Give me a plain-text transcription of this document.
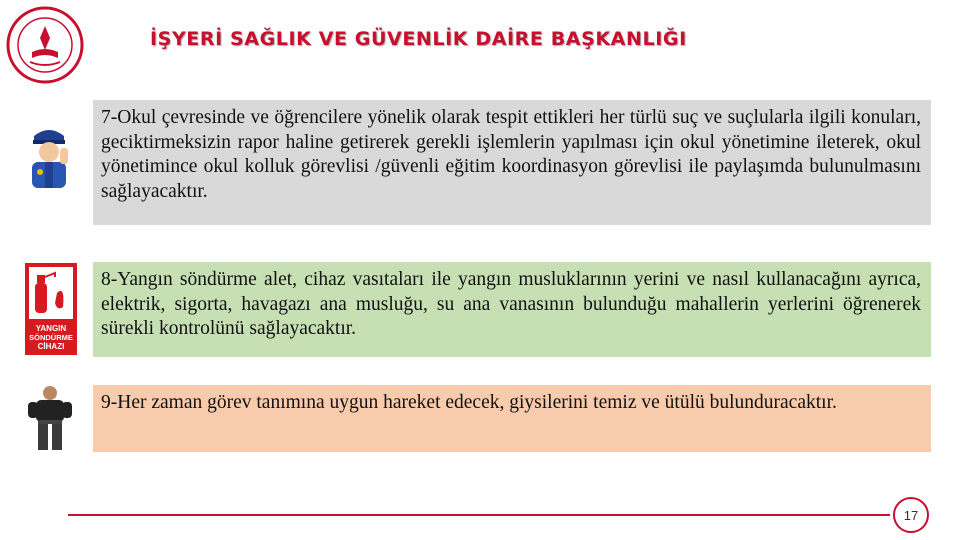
İŞYERİ SAĞLIK VE GÜVENLİK DAİRE BAŞKANLIĞI
7-Okul çevresinde ve öğrencilere yönelik olarak tespit ettikleri her türlü suç ve suçlularla ilgili konuları, geciktirmeksizin rapor haline getirerek gerekli işlemlerin yapılması için okul yönetimine ileterek, okul yönetimince okul kolluk görevlisi /güvenli eğitim koordinasyon görevlisi ile paylaşımda bulunulmasını sağlayacaktır.
YANGIN
SÖNDÜRME
CİHAZI
8-Yangın söndürme alet, cihaz vasıtaları ile yangın musluklarının yerini ve nasıl kullanacağını ayrıca, elektrik, sigorta, havagazı ana musluğu, su ana vanasının bulunduğu mahallerin yerlerini öğrenerek sürekli kontrolünü sağlayacaktır.
9-Her zaman görev tanımına uygun hareket edecek, giysilerini temiz ve ütülü bulunduracaktır.
17
